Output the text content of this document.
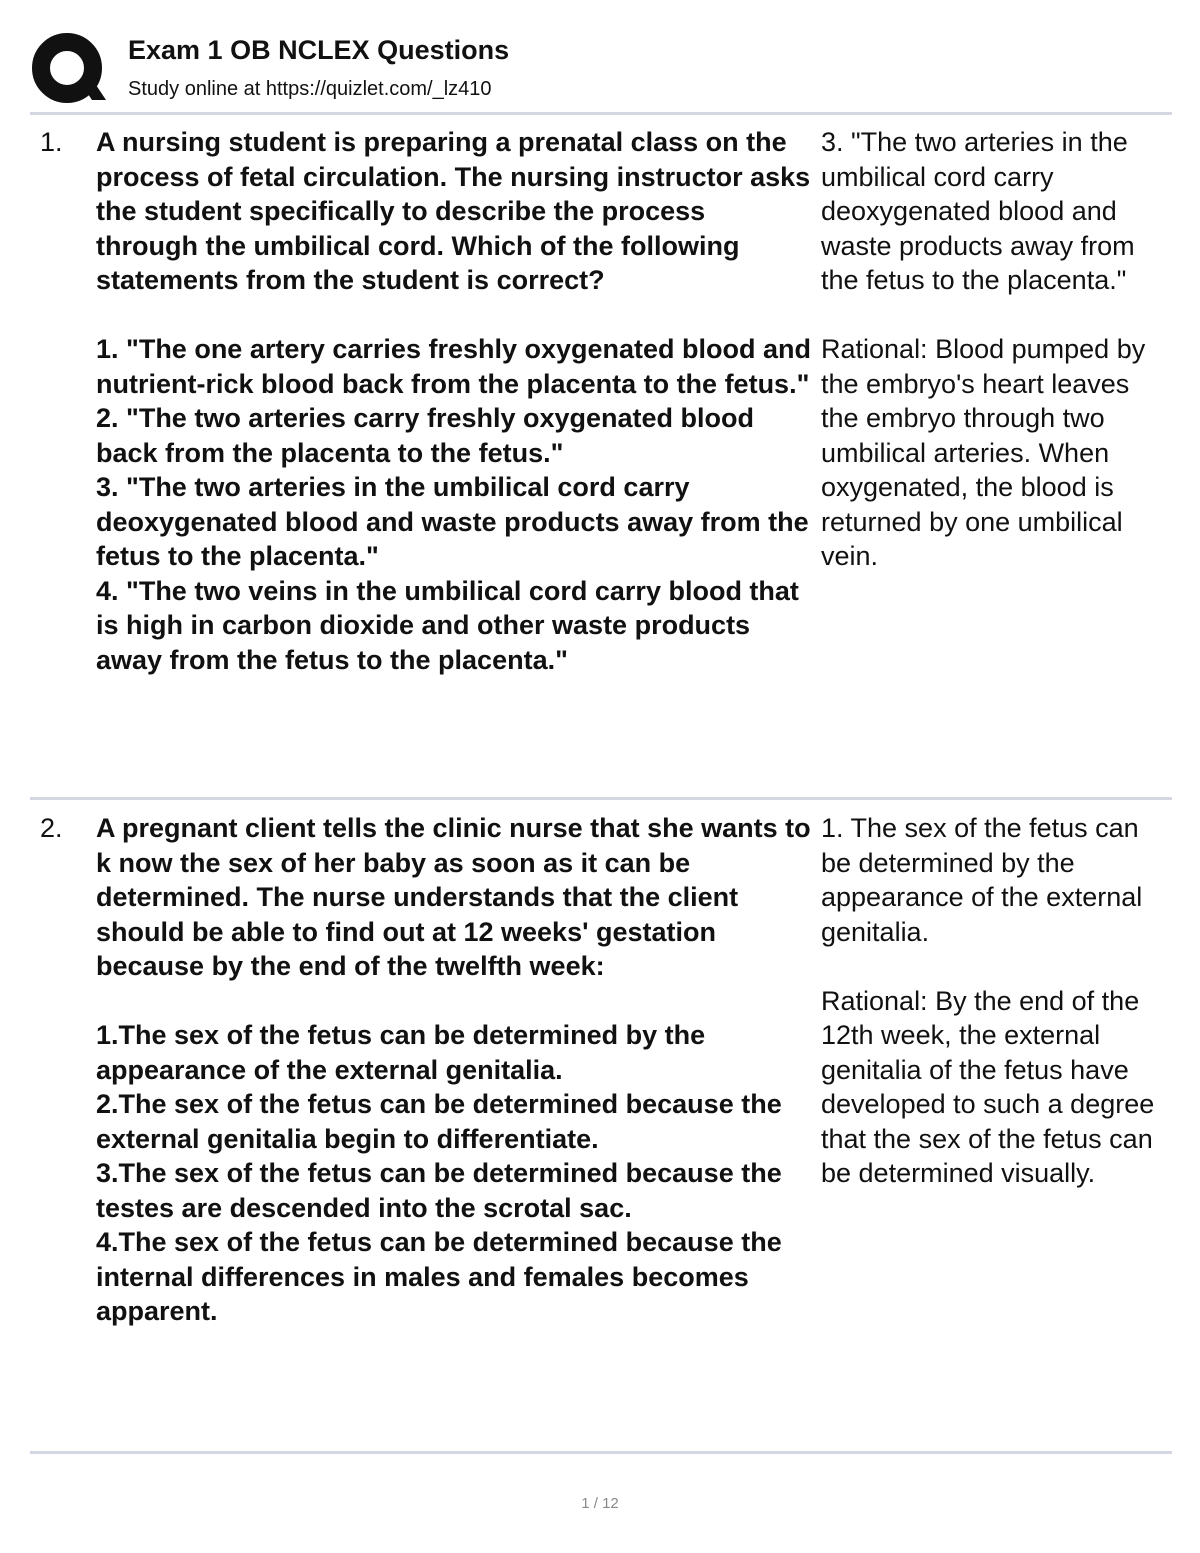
Exam 1 OB NCLEX Questions
Study online at https://quizlet.com/_lz410
1. A nursing student is preparing a prenatal class on the process of fetal circulation. The nursing instructor asks the student specifically to describe the process through the umbilical cord. Which of the following statements from the student is correct?

1. "The one artery carries freshly oxygenated blood and nutrient-rick blood back from the placenta to the fetus."

2. "The two arteries carry freshly oxygenated blood back from the placenta to the fetus."

3. "The two arteries in the umbilical cord carry deoxygenated blood and waste products away from the fetus to the placenta."

4. "The two veins in the umbilical cord carry blood that is high in carbon dioxide and other waste products away from the fetus to the placenta."

3. "The two arteries in the umbilical cord carry deoxygenated blood and waste products away from the fetus to the placenta."

Rational: Blood pumped by the embryo's heart leaves the embryo through two umbilical arteries. When oxygenated, the blood is returned by one umbilical vein.

2. A pregnant client tells the clinic nurse that she wants to k now the sex of her baby as soon as it can be determined. The nurse understands that the client should be able to find out at 12 weeks' gestation because by the end of the twelfth week:

1.The sex of the fetus can be determined by the appearance of the external genitalia.

2.The sex of the fetus can be determined because the external genitalia begin to differentiate.

3.The sex of the fetus can be determined because the testes are descended into the scrotal sac.

4.The sex of the fetus can be determined because the internal differences in males and females becomes apparent.

1. The sex of the fetus can be determined by the appearance of the external genitalia.

Rational: By the end of the 12th week, the external genitalia of the fetus have developed to such a degree that the sex of the fetus can be determined visually.

1 / 12
